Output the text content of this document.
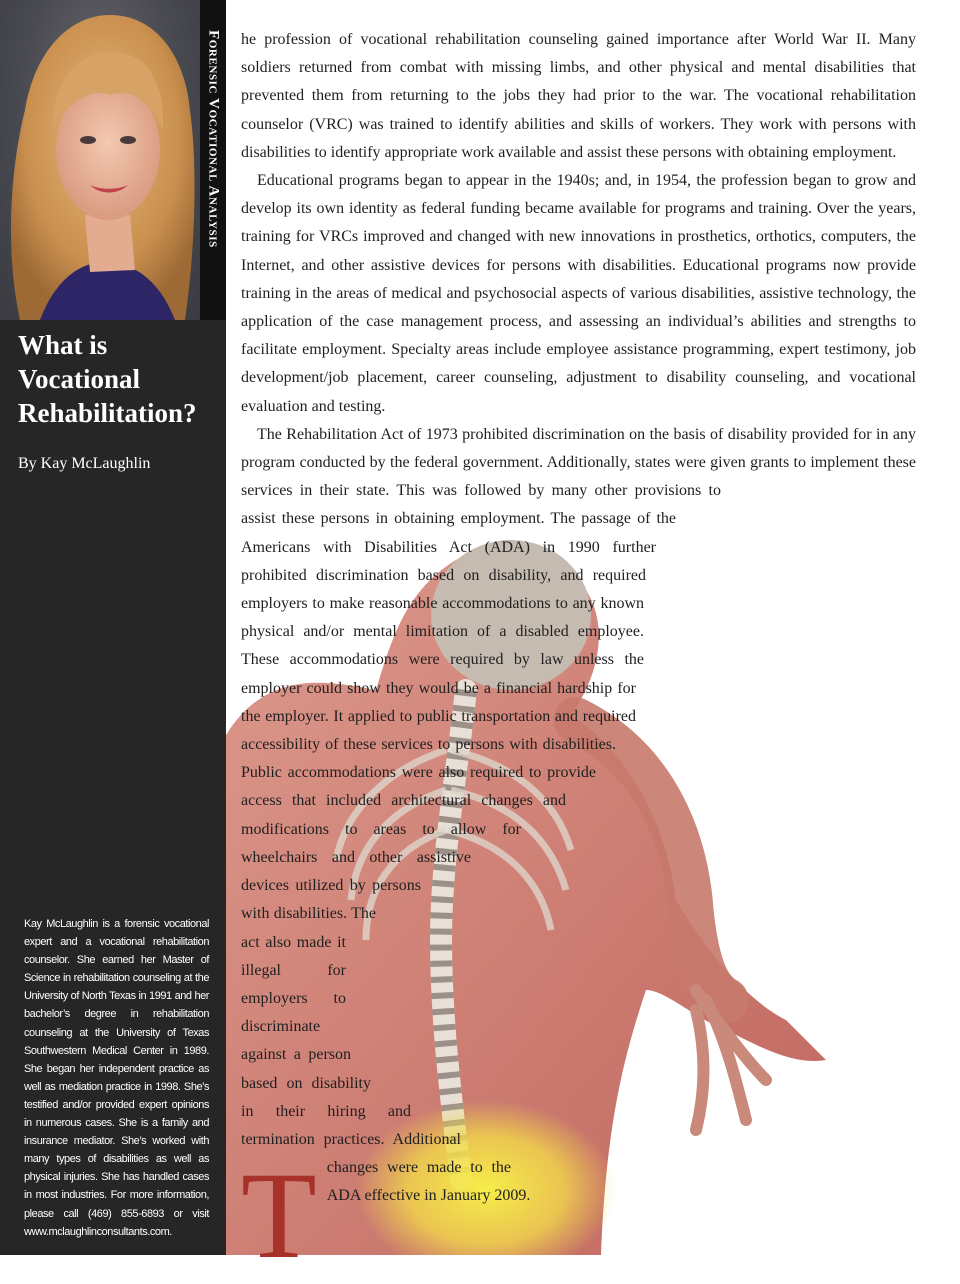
Forensic Vocational Analysis
What is Vocational Rehabilitation?
By Kay McLaughlin

Kay McLaughlin is a forensic vocational expert and a vocational rehabilitation counselor. She earned her Master of Science in rehabilitation counseling at the University of North Texas in 1991 and her bachelor’s degree in rehabilitation counseling at the University of Texas Southwestern Medical Center in 1989. She began her independent practice as well as mediation practice in 1998. She’s testified and/or provided expert opinions in numerous cases. She is a family and insurance mediator. She’s worked with many types of disabilities as well as physical injuries. She has handled cases in most industries. For more information, please call (469) 855-6893 or visit www.mclaughlinconsultants.com. T

he profession of vocational rehabilitation counseling gained importance after World War II. Many soldiers returned from combat with missing limbs, and other physical and mental disabilities that prevented them from returning to the jobs they had prior to the war. The vocational rehabilitation counselor (VRC) was trained to identify abilities and skills of workers. They work with persons with disabilities to identify appropriate work available and assist these persons with obtaining employment.

Educational programs began to appear in the 1940s; and, in 1954, the profession began to grow and develop its own identity as federal funding became available for programs and training. Over the years, training for VRCs improved and changed with new innovations in prosthetics, orthotics, computers, the Internet, and other assistive devices for persons with disabilities. Educational programs now provide training in the areas of medical and psychosocial aspects of various disabilities, assistive technology, the application of the case management process, and assessing an individual’s abilities and strengths to facilitate employment. Specialty areas include employee assistance programming, expert testimony, job development/job placement, career counseling, adjustment to disability counseling, and vocational evaluation and testing.

The Rehabilitation Act of 1973 prohibited discrimination on the basis of disability provided for in any program conducted by the federal government. Additionally, states were given grants to implement these services in their state. This was followed by many other provisions to assist these persons in obtaining employment. The passage of the Americans with Disabilities Act (ADA) in 1990 further prohibited discrimination based on disability, and required employers to make reasonable accommodations to any known physical and/or mental limitation of a disabled employee. These accommodations were required by law unless the employer could show they would be a financial hardship for the employer. It applied to public transportation and required accessibility of these services to persons with disabilities. Public accommodations were also required to provide access that included architectural changes and modifications to areas to allow for wheelchairs and other assistive devices utilized by persons with disabilities. The act also made it illegal for employers to discriminate against a person based on disability in their hiring and termination practices. Additional changes were made to the ADA effective in January 2009.
